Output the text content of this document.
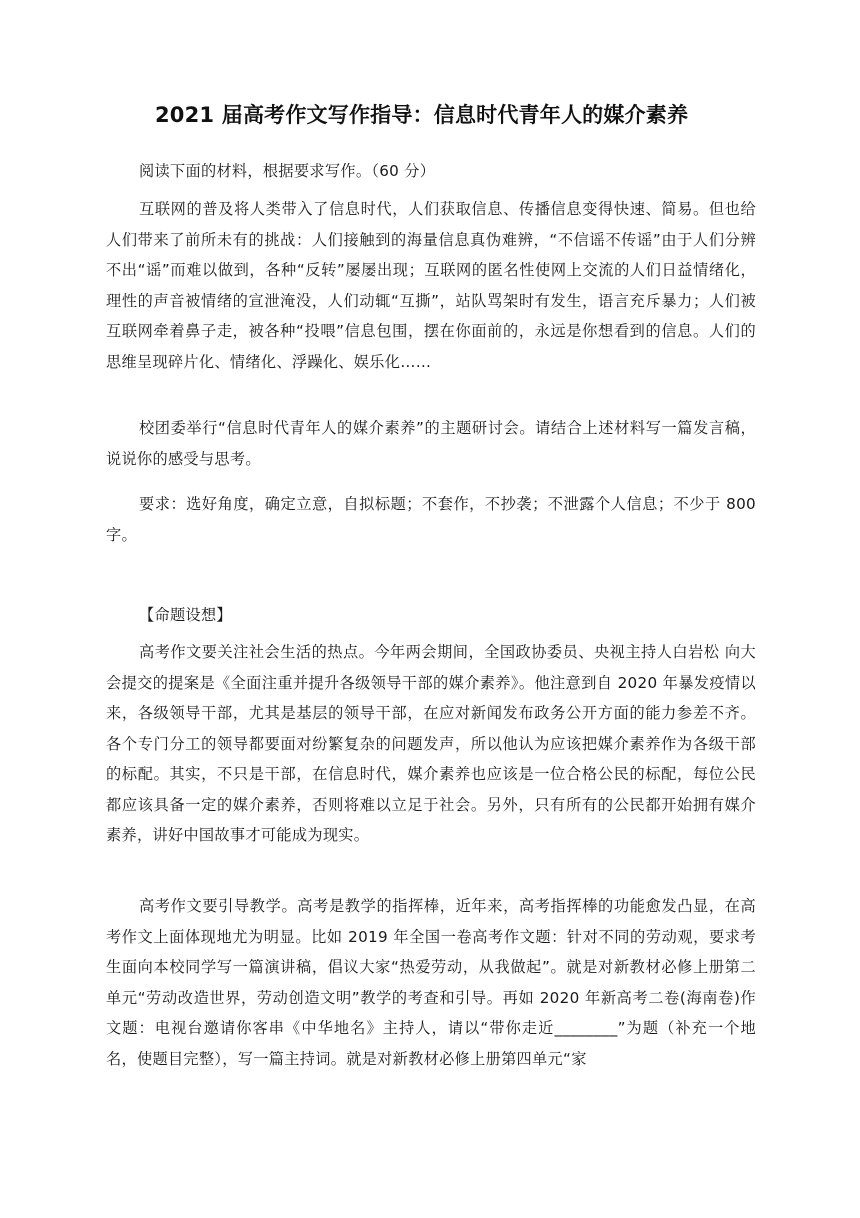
2021 届高考作文写作指导：信息时代青年人的媒介素养

阅读下面的材料，根据要求写作。（60 分）

互联网的普及将人类带入了信息时代，人们获取信息、传播信息变得快速、简易。但也给人们带来了前所未有的挑战：人们接触到的海量信息真伪难辨，“不信谣不传谣”由于人们分辨不出“谣”而难以做到，各种“反转”屡屡出现；互联网的匿名性使网上交流的人们日益情绪化，理性的声音被情绪的宣泄淹没，人们动辄“互撕”，站队骂架时有发生，语言充斥暴力；人们被互联网牵着鼻子走，被各种“投喂”信息包围，摆在你面前的，永远是你想看到的信息。人们的思维呈现碎片化、情绪化、浮躁化、娱乐化……

校团委举行“信息时代青年人的媒介素养”的主题研讨会。请结合上述材料写一篇发言稿，说说你的感受与思考。

要求：选好角度，确定立意，自拟标题；不套作，不抄袭；不泄露个人信息；不少于 800 字。

【命题设想】

高考作文要关注社会生活的热点。今年两会期间，全国政协委员、央视主持人白岩松 向大会提交的提案是《全面注重并提升各级领导干部的媒介素养》。他注意到自 2020 年暴发疫情以来，各级领导干部，尤其是基层的领导干部，在应对新闻发布政务公开方面的能力参差不齐。各个专门分工的领导都要面对纷繁复杂的问题发声，所以他认为应该把媒介素养作为各级干部的标配。其实，不只是干部，在信息时代，媒介素养也应该是一位合格公民的标配，每位公民都应该具备一定的媒介素养，否则将难以立足于社会。另外，只有所有的公民都开始拥有媒介素养，讲好中国故事才可能成为现实。

高考作文要引导教学。高考是教学的指挥棒，近年来，高考指挥棒的功能愈发凸显，在高考作文上面体现地尤为明显。比如 2019 年全国一卷高考作文题：针对不同的劳动观，要求考生面向本校同学写一篇演讲稿，倡议大家“热爱劳动，从我做起”。就是对新教材必修上册第二单元“劳动改造世界，劳动创造文明”教学的考查和引导。再如 2020 年新高考二卷(海南卷)作文题：电视台邀请你客串《中华地名》主持人，请以“带你走近________”为题（补充一个地名，使题目完整），写一篇主持词。就是对新教材必修上册第四单元“家
